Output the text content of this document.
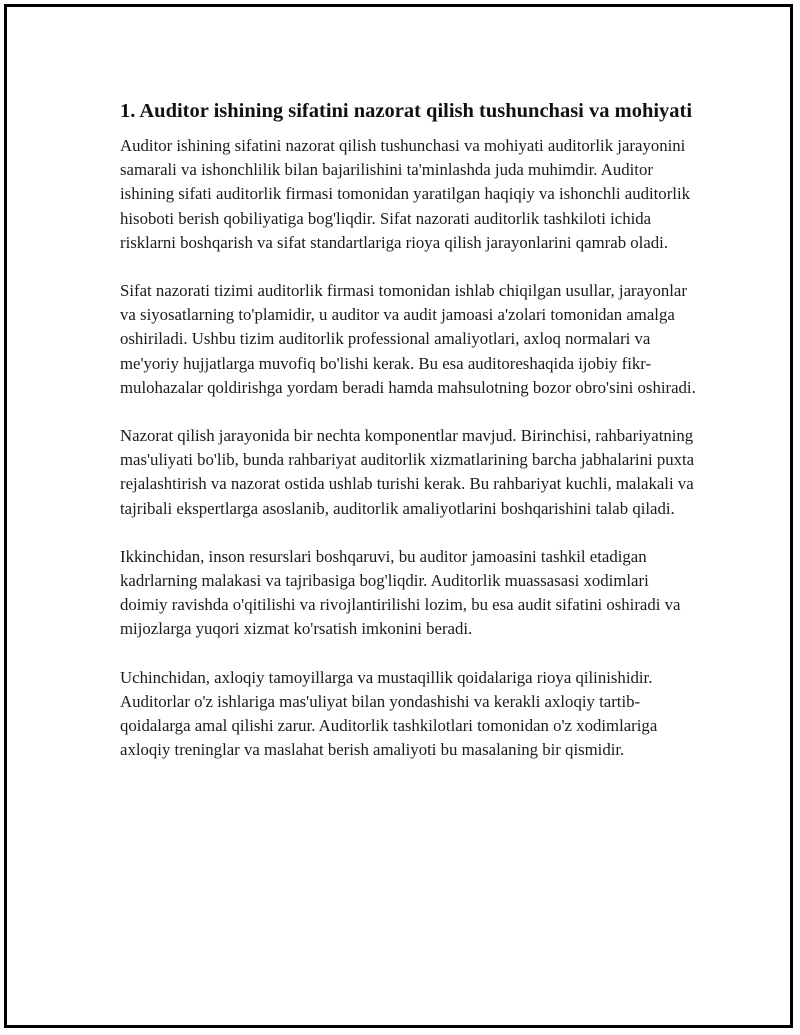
1. Auditor ishining sifatini nazorat qilish tushunchasi va mohiyati

Auditor ishining sifatini nazorat qilish tushunchasi va mohiyati auditorlik jarayonini samarali va ishonchlilik bilan bajarilishini ta'minlashda juda muhimdir. Auditor ishining sifati auditorlik firmasi tomonidan yaratilgan haqiqiy va ishonchli auditorlik hisoboti berish qobiliyatiga bog'liqdir. Sifat nazorati auditorlik tashkiloti ichida risklarni boshqarish va sifat standartlariga rioya qilish jarayonlarini qamrab oladi.

Sifat nazorati tizimi auditorlik firmasi tomonidan ishlab chiqilgan usullar, jarayonlar va siyosatlarning to'plamidir, u auditor va audit jamoasi a'zolari tomonidan amalga oshiriladi. Ushbu tizim auditorlik professional amaliyotlari, axloq normalari va me'yoriy hujjatlarga muvofiq bo'lishi kerak. Bu esa auditoreshaqida ijobiy fikr-mulohazalar qoldirishga yordam beradi hamda mahsulotning bozor obro'sini oshiradi.

Nazorat qilish jarayonida bir nechta komponentlar mavjud. Birinchisi, rahbariyatning mas'uliyati bo'lib, bunda rahbariyat auditorlik xizmatlarining barcha jabhalarini puxta rejalashtirish va nazorat ostida ushlab turishi kerak. Bu rahbariyat kuchli, malakali va tajribali ekspertlarga asoslanib, auditorlik amaliyotlarini boshqarishini talab qiladi.

Ikkinchidan, inson resurslari boshqaruvi, bu auditor jamoasini tashkil etadigan kadrlarning malakasi va tajribasiga bog'liqdir. Auditorlik muassasasi xodimlari doimiy ravishda o'qitilishi va rivojlantirilishi lozim, bu esa audit sifatini oshiradi va mijozlarga yuqori xizmat ko'rsatish imkonini beradi.

Uchinchidan, axloqiy tamoyillarga va mustaqillik qoidalariga rioya qilinishidir. Auditorlar o'z ishlariga mas'uliyat bilan yondashishi va kerakli axloqiy tartib-qoidalarga amal qilishi zarur. Auditorlik tashkilotlari tomonidan o'z xodimlariga axloqiy treninglar va maslahat berish amaliyoti bu masalaning bir qismidir.
